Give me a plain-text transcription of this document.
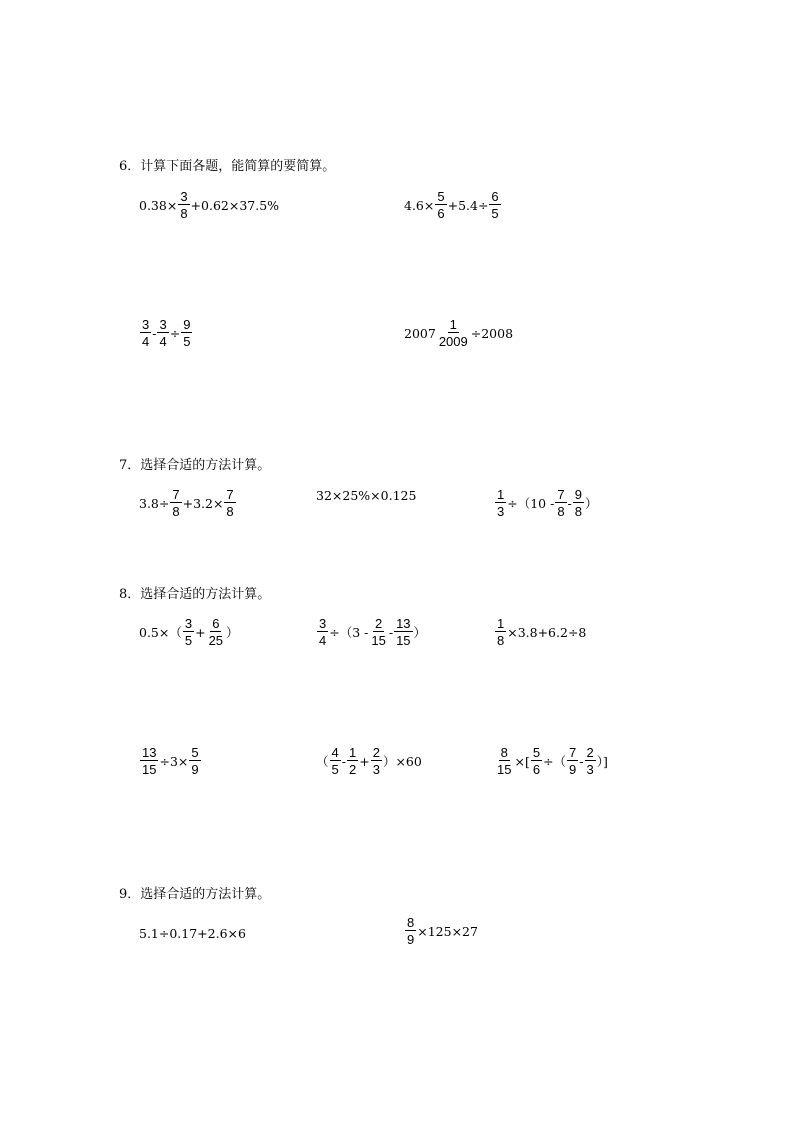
6．计算下面各题，能简算的要简算。
$0.38\times \frac{3}{8} +0.62\times 37.5\%$	$4.6\times \frac{5}{6} +5.4\div \frac{6}{5}$
$\frac{3}{4} - \frac{3}{4} \div \frac{9}{5}$	$2007 \frac{1}{2009} \div 2008$
7．选择合适的方法计算。
$3.8\div \frac{7}{8} +3.2\times \frac{7}{8}$	32×25%×0.125	$\frac{1}{3} \div(10 - \frac{7}{8} - \frac{9}{8}$ ）
8．选择合适的方法计算。
$0.5\times( \frac{3}{5} + \frac{6}{25}$ ）	$\frac{3}{4} \div(3 - \frac{2}{15} - \frac{13}{15}$ ）	$\frac{1}{8} \times 3.8+6.2\div 8$
$\frac{13}{15} \div 3\times \frac{5}{9}$	（ $\frac{4}{5} - \frac{1}{2} + \frac{2}{3} )\times 60$	$\frac{8}{15}$ ×[ $\frac{5}{6}$ ÷（ $\frac{7}{9} - \frac{2}{3}$ ）]
9．选择合适的方法计算。
5.1÷0.17+2.6×6	$\frac{8}{9} \times 125\times 27$
